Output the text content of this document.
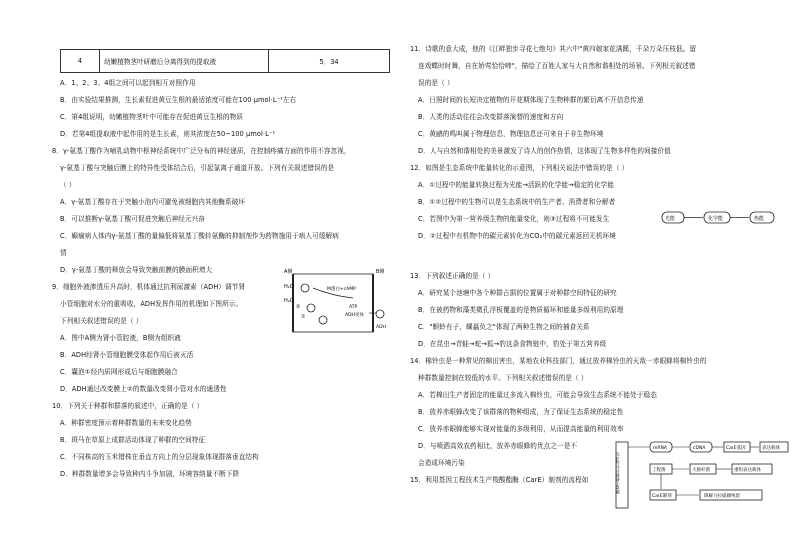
4	幼嫩植物茎叶研磨后分离得到的提取液	5．34
A．1、2、3、4组之间可以起到相互对照作用
B．由实验结果推测，生长素促进黄豆生根的最适浓度可能在100 μmol·L⁻¹左右
C．第4组说明，幼嫩植物茎叶中可能存在促进黄豆生根的物质
D．若第4组提取液中起作用的是生长素，则其浓度在50~100 μmol·L⁻¹
8．γ-氨基丁酸作为哺乳动物中枢神经系统中广泛分布的神经递质，在控制疼痛方面的作用不容忽视，
γ-氨基丁酸与突触后膜上的特异性受体结合后，引起氯离子通道开放。下列有关叙述错误的是
（ ）
A．γ-氨基丁酸存在于突触小泡内可避免被细胞内其他酶系破坏
B．可以推断γ-氨基丁酸可促进突触后神经元兴奋
C．癫痫病人体内γ-氨基丁酸的量偏低将氨基丁酸转氨酶的抑制剂作为药物施用于病人可缓解病
情
D．γ-氨基丁酸的释放会导致突触前膜的膜面积增大
9．细胞外液渗透压升高时，机体通过抗利尿激素（ADH）调节肾
小管细胞对水分的重吸收，ADH发挥作用的机理如下图所示。
下列相关叙述错误的是（ ）
A．图中A侧为肾小管腔液，B侧为组织液
B．ADH经肾小管细胞膜受体起作用后被灭活
C．囊泡①经内质网形成后与细胞膜融合
D．ADH通过改变膜上②的数量改变肾小管对水的通透性
10．下列关于种群和群落的叙述中，正确的是（ ）
A．种群密度预示着种群数量的未来变化趋势
B．斑马在草原上成群活动体现了种群的空间特征
C．不同株高的玉米错株在垂直方向上的分层现象体现群落垂直结构
D．种群数量增多会导致种内斗争加剧，环境容纳量不断下降
A侧	B侧
H₂O
H₂O
①
②
M蛋白+cAMP
ATP
ADH受体
ADH
11．诗歌的意大成，他的《江畔独步寻花七绝句》其六中"黄四娘家花满蹊，千朵万朵压枝低。留
连戏蝶时时舞，自在娇莺恰恰啼"，描绘了百姓人家与大自然和谐相处的场景。下列相关叙述错
误的是（ ）
A．日照时间的长短决定植物的开花期体现了生物种群的繁衍离不开信息传递
B．人类的活动往往会改变群落演替的速度和方向
C．黄鹂的鸣叫属于物理信息，物理信息还可来自于非生物环境
D．人与自然和谐相处的美景激发了诗人的创作热情，这体现了生物多样性的间接价值
12．如图是生态系统中能量转化的示意图，下列相关说法中错误的是（ ）
A．①过程中的能量转换过程为光能→活跃的化学能→稳定的化学能
B．①②过程中的生物可以是生态系统中的生产者、消费者和分解者
C．若图中为第一营养级生物的能量变化，则③过程将不可能发生
D．②过程中有机物中的碳元素转化为CO₂中的碳元素返回无机环境
光能	化学能	热能
13．下列叙述正确的是（ ）
A．研究某个池塘中各个种群占据的位置属于对种群空间特征的研究
B．在被药物和藻类微孔浮板覆盖的是物质循环和能量多级利用的原理
C．"螟蛉有子，蜾蠃负之"体现了两种生物之间的捕食关系
D．在昆虫→青蛙→蛇→狐→豹这条食物链中，豹处于第五营养级
14．棉铃虫是一种常见的棉田害虫，某地农业科技部门，通过放养棉铃虫的天敌一赤眼蜂将棉铃虫的
种群数量控制在较低的水平。下列相关叙述错误的是（ ）
A．若棉田生产者固定的能量过多流入棉铃虫，可能会导致生态系统不能处于稳态
B．放养赤眼蜂改变了该群落的物种组成，为了保证生态系统的稳定性
C．放养赤眼蜂能够实现对能量的多级利用，从而提高能量的利用效率
D．与喷洒高效农药相比，放养赤眼蜂的优点之一是不
会造成环境污染
15．利用基因工程技术生产羧酸酯酶（CarE）制剂的流程如	抗农药马拉硫磷小菜蛾
mRNA	cDNA	CarE基因	表达载体
工程菌	大肠杆菌	重组表达载体
CarE制剂	降解马拉硫磷残留
